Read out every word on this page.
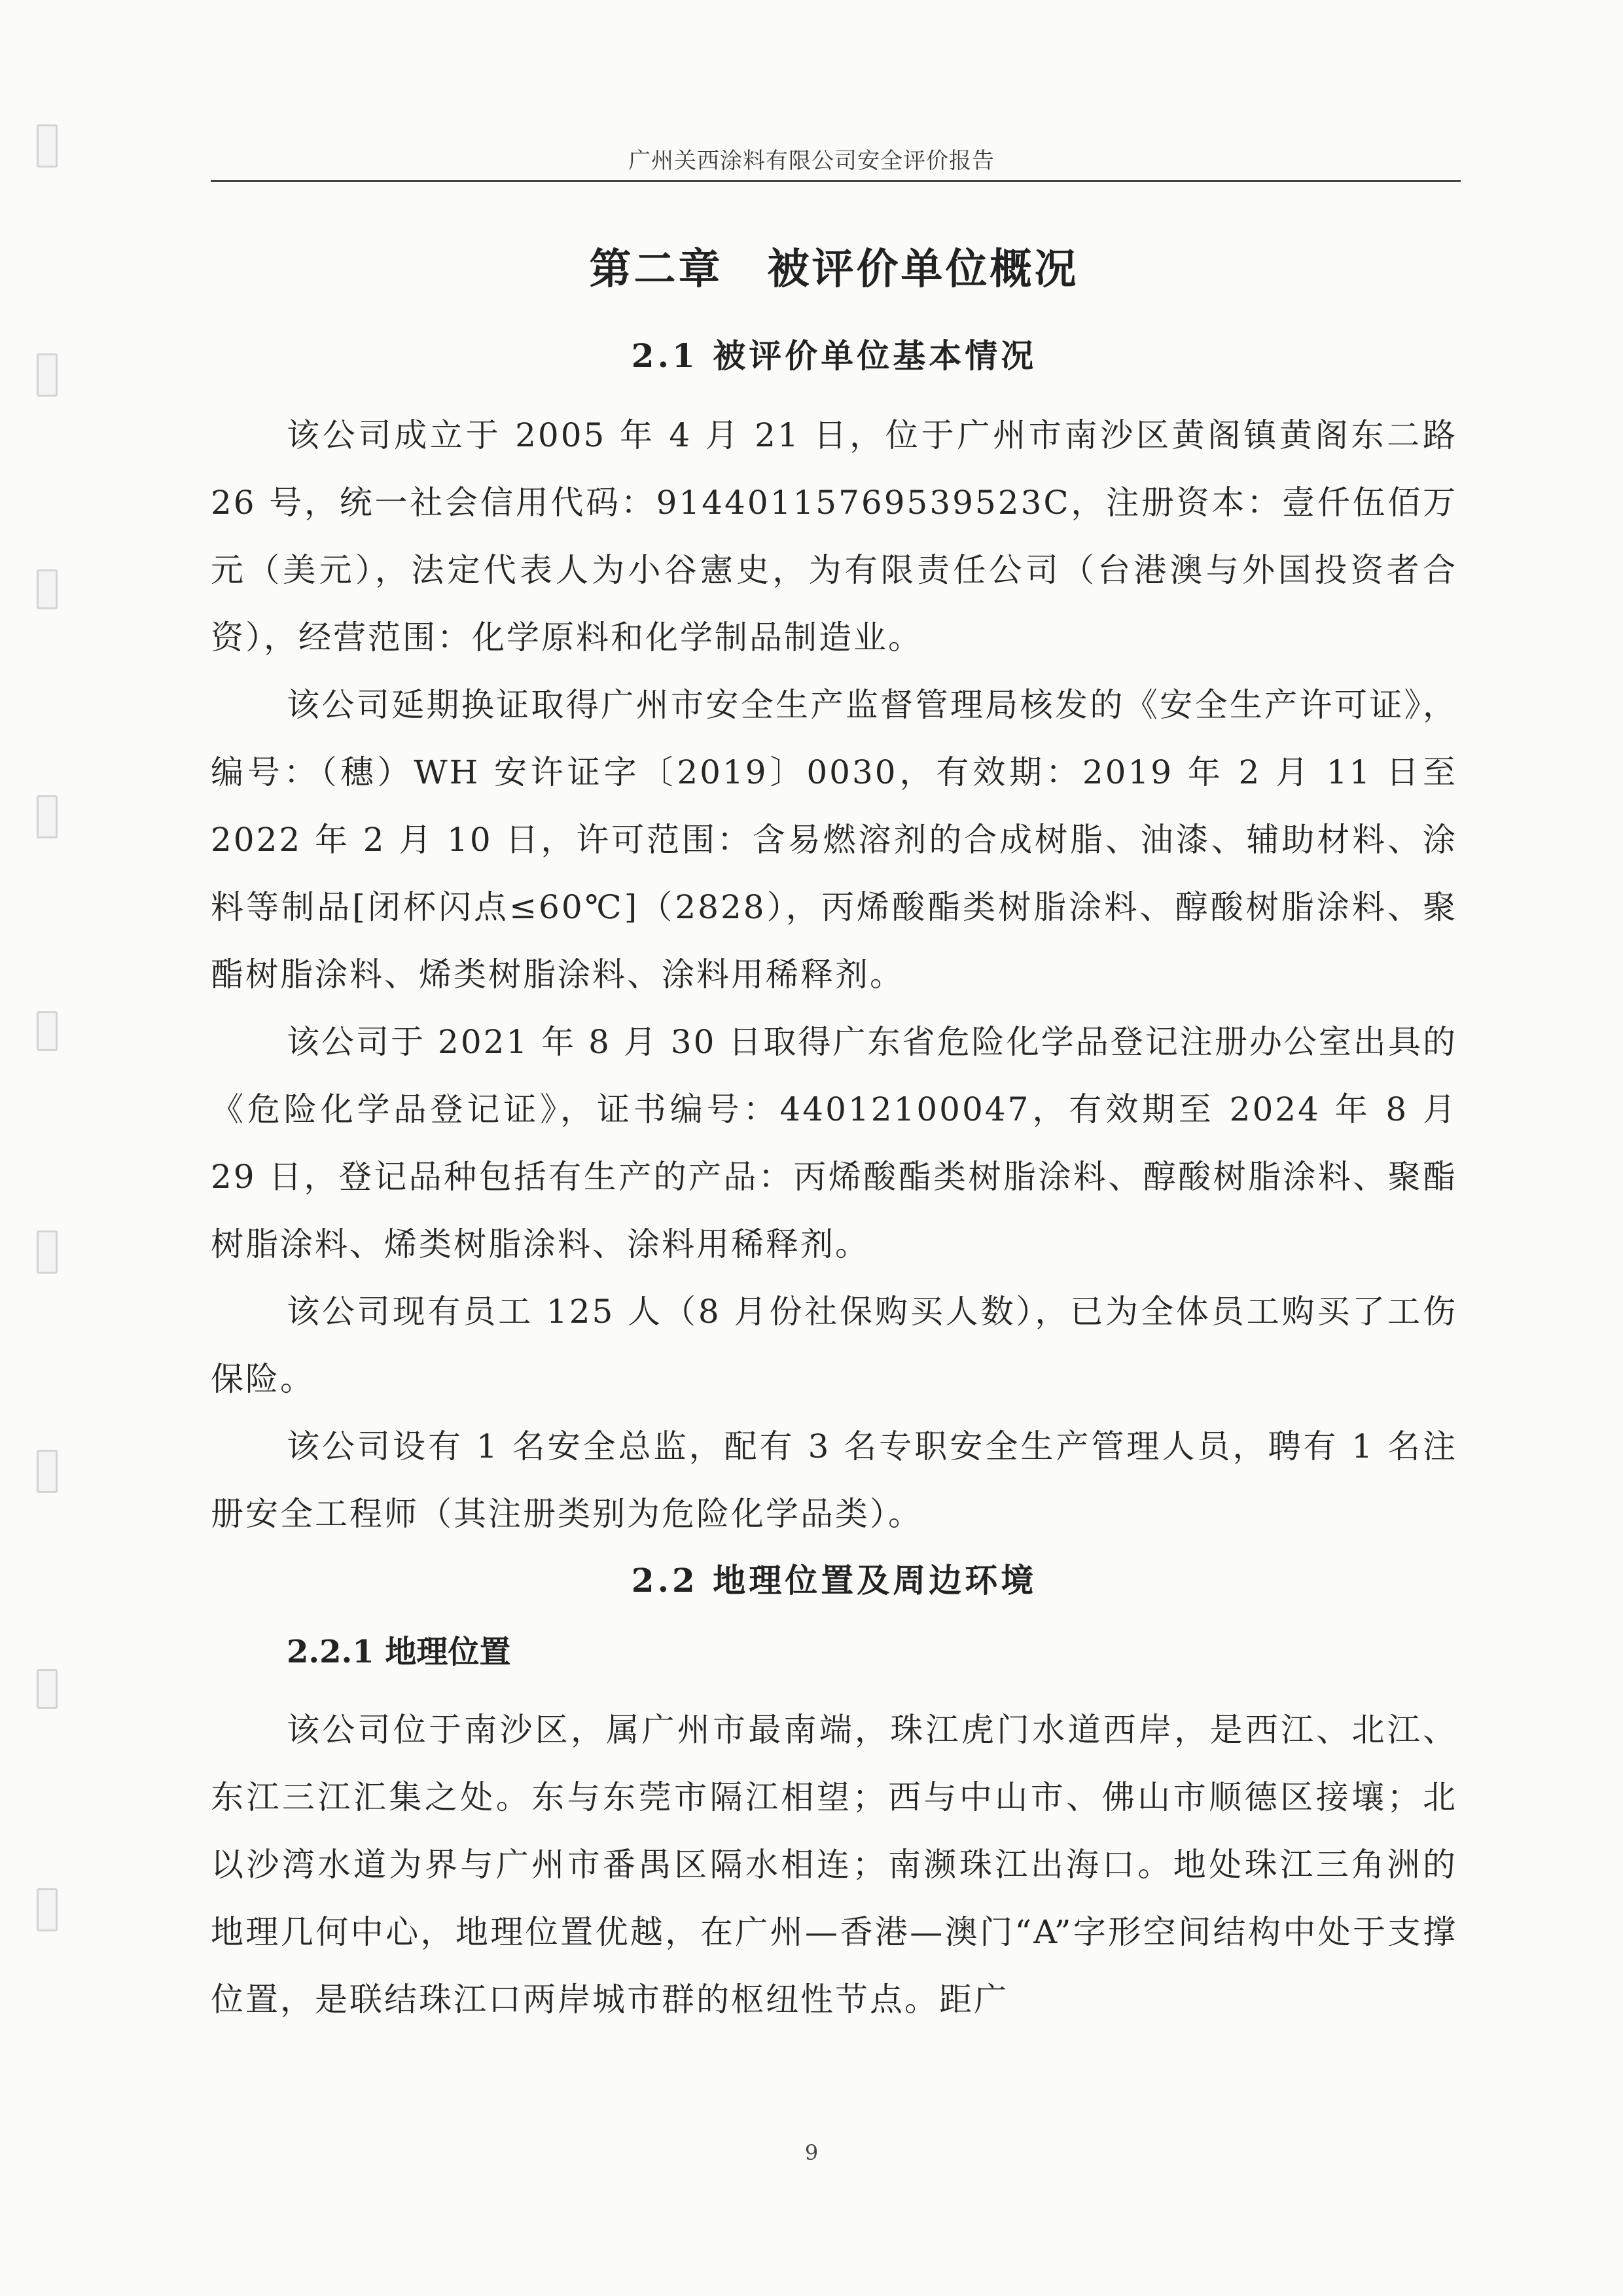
广州关西涂料有限公司安全评价报告
第二章　被评价单位概况
2.1 被评价单位基本情况

该公司成立于 2005 年 4 月 21 日，位于广州市南沙区黄阁镇黄阁东二路 26 号，统一社会信用代码：91440115769539523C，注册资本：壹仟伍佰万元（美元），法定代表人为小谷憲史，为有限责任公司（台港澳与外国投资者合资），经营范围：化学原料和化学制品制造业。

该公司延期换证取得广州市安全生产监督管理局核发的《安全生产许可证》，编号：（穗）WH 安许证字〔2019〕0030，有效期：2019 年 2 月 11 日至 2022 年 2 月 10 日，许可范围：含易燃溶剂的合成树脂、油漆、辅助材料、涂料等制品[闭杯闪点≤60℃]（2828），丙烯酸酯类树脂涂料、醇酸树脂涂料、聚酯树脂涂料、烯类树脂涂料、涂料用稀释剂。

该公司于 2021 年 8 月 30 日取得广东省危险化学品登记注册办公室出具的《危险化学品登记证》，证书编号：44012100047，有效期至 2024 年 8 月 29 日，登记品种包括有生产的产品：丙烯酸酯类树脂涂料、醇酸树脂涂料、聚酯树脂涂料、烯类树脂涂料、涂料用稀释剂。

该公司现有员工 125 人（8 月份社保购买人数），已为全体员工购买了工伤保险。

该公司设有 1 名安全总监，配有 3 名专职安全生产管理人员，聘有 1 名注册安全工程师（其注册类别为危险化学品类）。

2.2 地理位置及周边环境
2.2.1 地理位置

该公司位于南沙区，属广州市最南端，珠江虎门水道西岸，是西江、北江、东江三江汇集之处。东与东莞市隔江相望；西与中山市、佛山市顺德区接壤；北以沙湾水道为界与广州市番禺区隔水相连；南濒珠江出海口。地处珠江三角洲的地理几何中心，地理位置优越，在广州—香港—澳门“A”字形空间结构中处于支撑位置，是联结珠江口两岸城市群的枢纽性节点。距广

9
